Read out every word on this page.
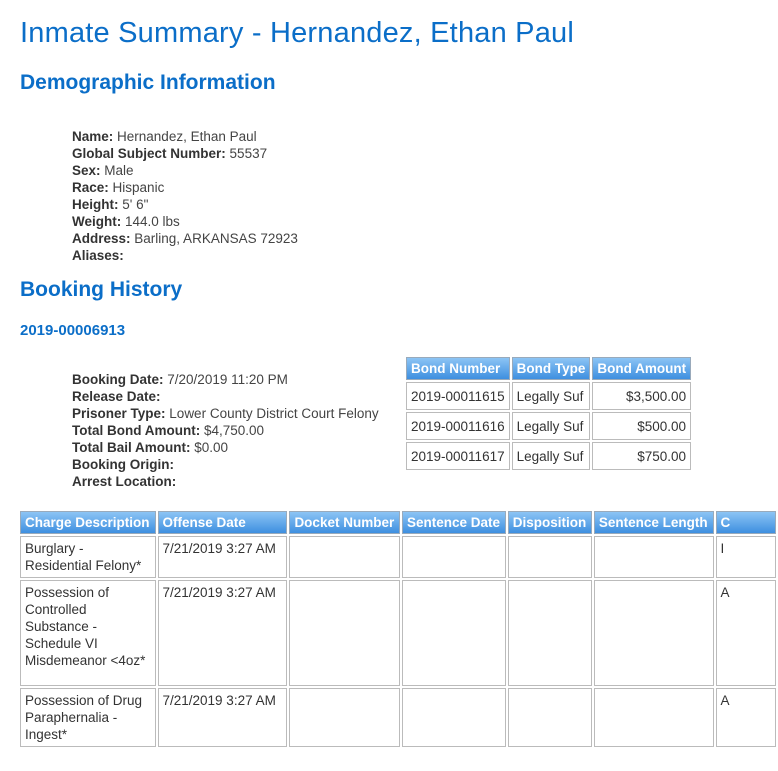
Inmate Summary - Hernandez, Ethan Paul
Demographic Information
Name: Hernandez, Ethan Paul
Global Subject Number: 55537
Sex: Male
Race: Hispanic
Height: 5' 6"
Weight: 144.0 lbs
Address: Barling, ARKANSAS 72923
Aliases:
Booking History
2019-00006913
Booking Date: 7/20/2019 11:20 PM
Release Date:
Prisoner Type: Lower County District Court Felony
Total Bond Amount: $4,750.00
Total Bail Amount: $0.00
Booking Origin:
Arrest Location:
Bond Number	Bond Type	Bond Amount
2019-00011615	Legally Suf	$3,500.00
2019-00011616	Legally Suf	$500.00
2019-00011617	Legally Suf	$750.00
Charge Description	Offense Date	Docket Number	Sentence Date	Disposition	Sentence Length	C
Burglary - Residential Felony*	7/21/2019 3:27 AM					I
Possession of Controlled Substance - Schedule VI Misdemeanor <4oz*	7/21/2019 3:27 AM					A
Possession of Drug Paraphernalia - Ingest*	7/21/2019 3:27 AM					A
